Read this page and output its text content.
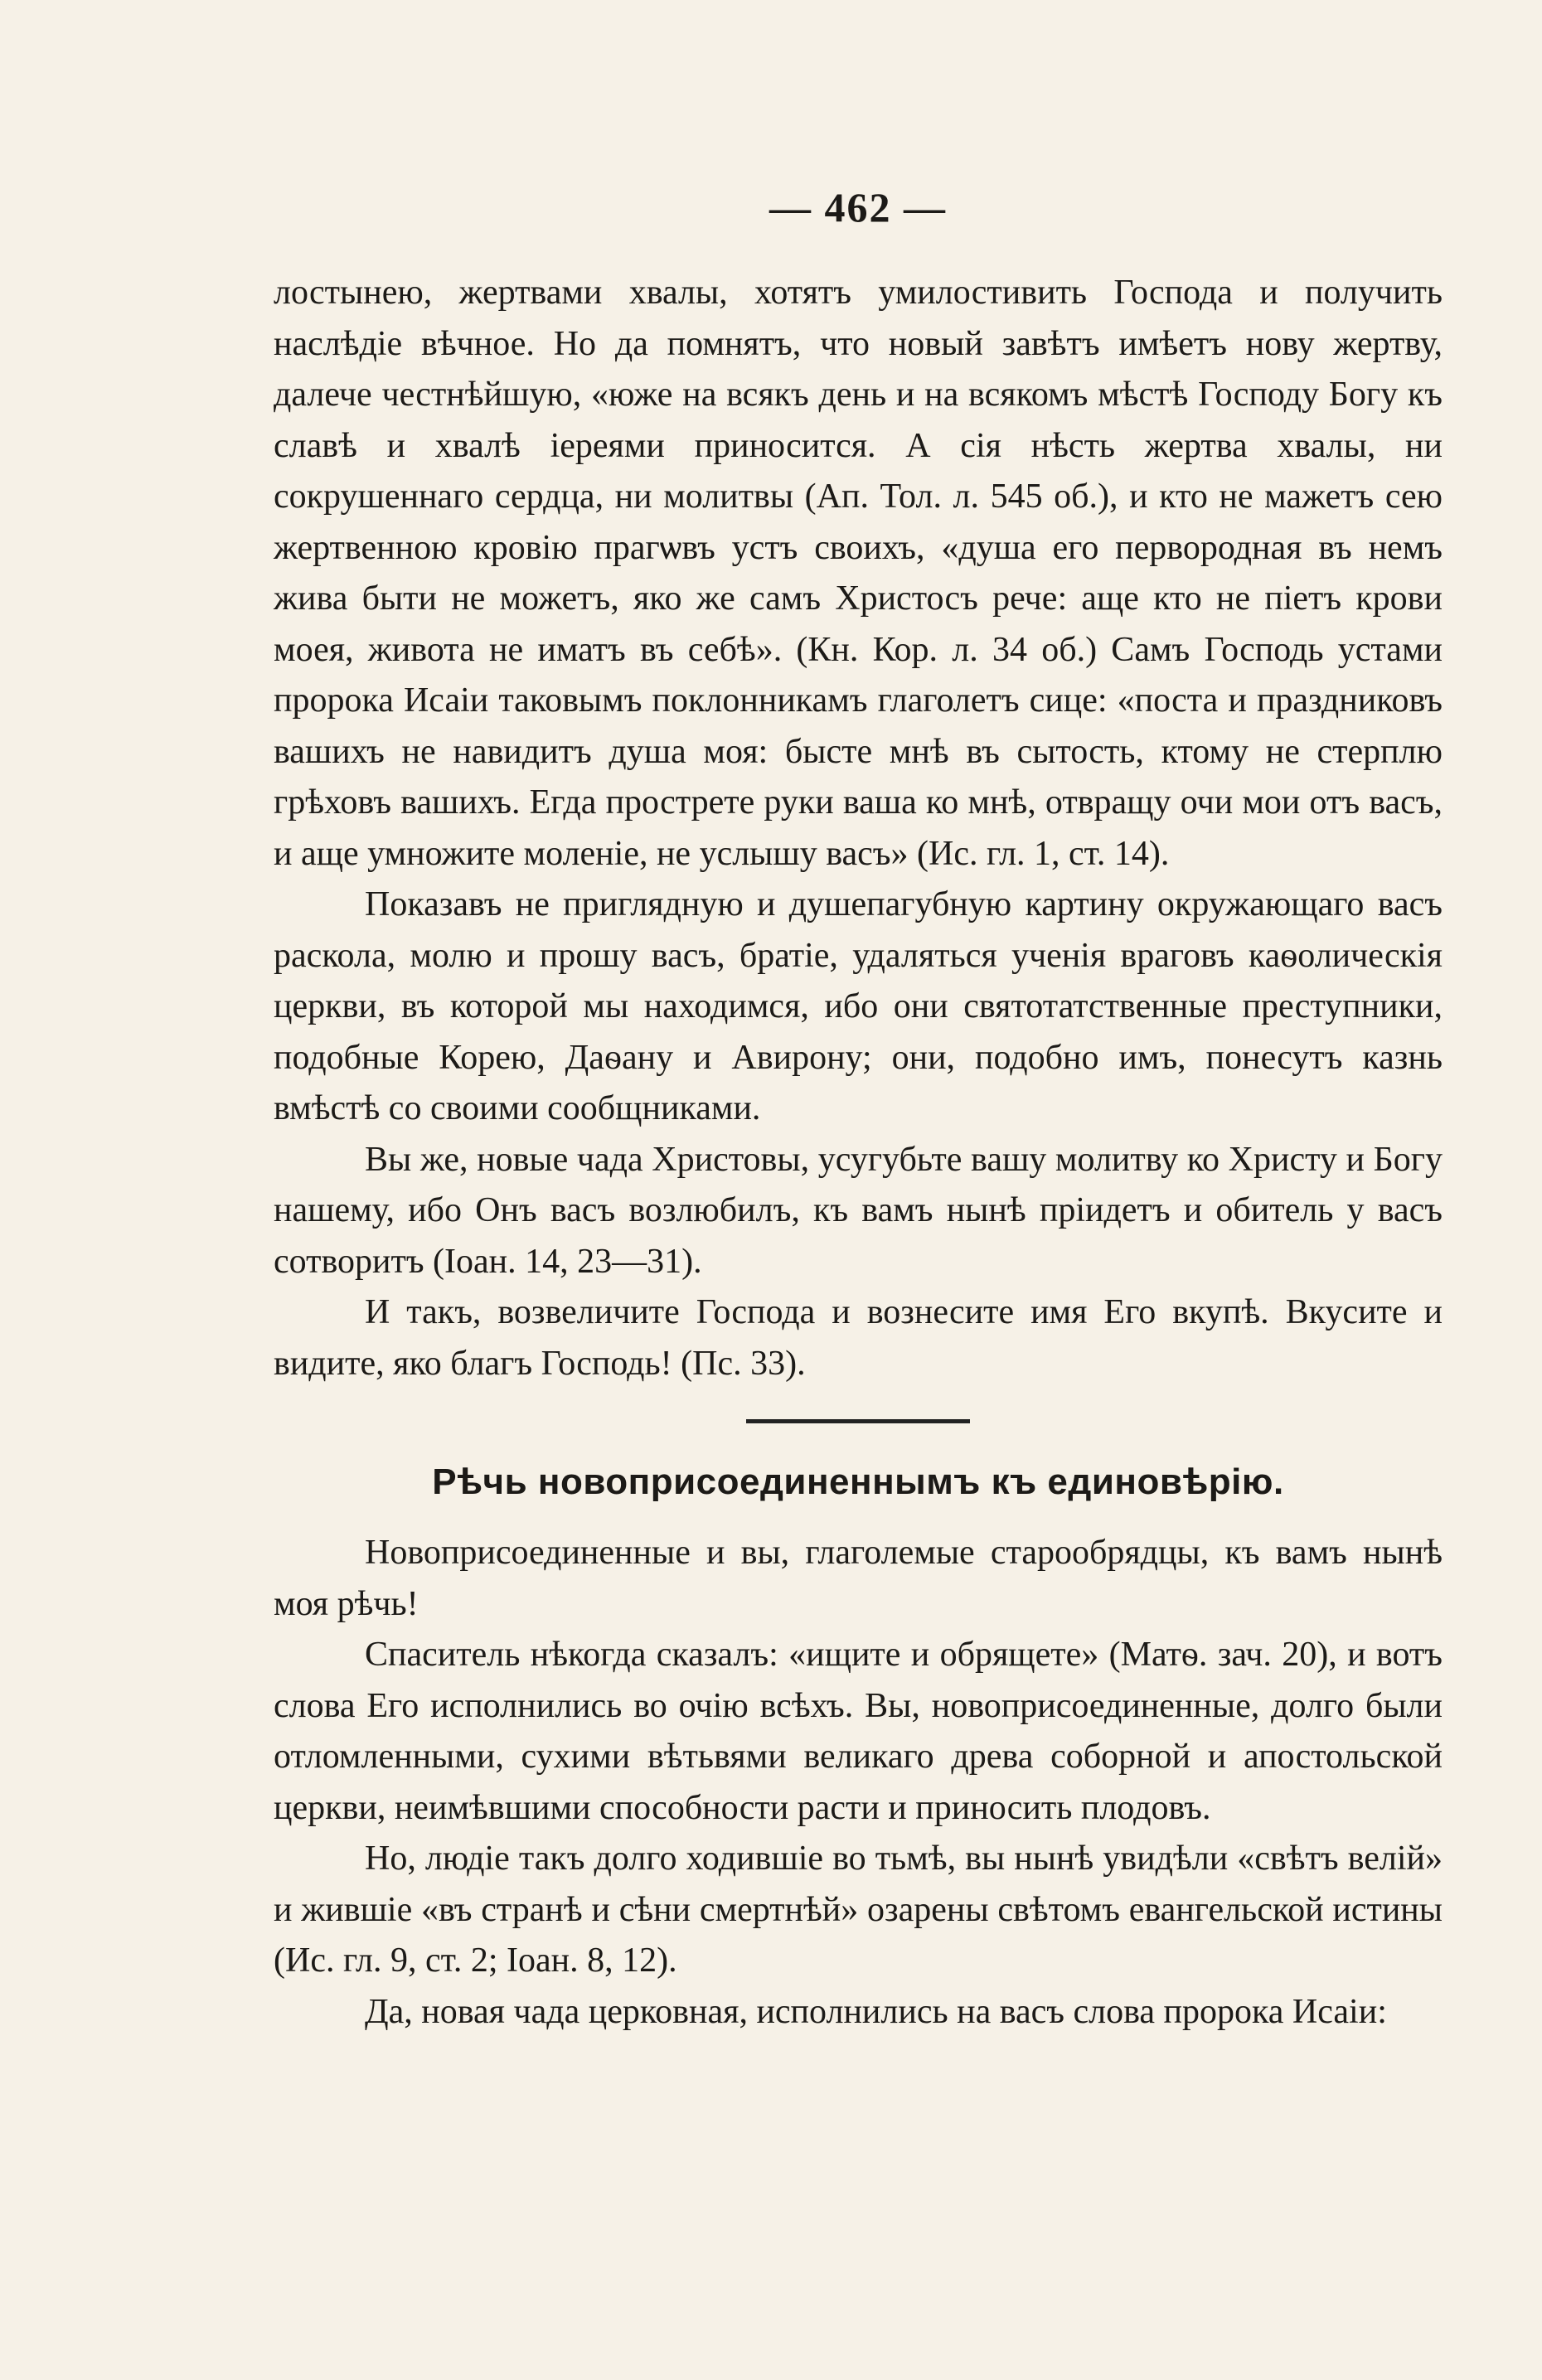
— 462 —

лостынею, жертвами хвалы, хотятъ умилостивить Господа и получить наслѣдіе вѣчное. Но да помнятъ, что новый завѣтъ имѣетъ нову жертву, далече честнѣйшую, «юже на всякъ день и на всякомъ мѣстѣ Господу Богу къ славѣ и хвалѣ іереями приносится. А сія нѣсть жертва хвалы, ни сокрушеннаго сердца, ни молитвы (Ап. Тол. л. 545 об.), и кто не мажетъ сею жертвенною кровію прагѡвъ устъ своихъ, «душа его первородная въ немъ жива быти не можетъ, яко же самъ Христосъ рече: аще кто не піетъ крови моея, живота не иматъ въ себѣ». (Кн. Кор. л. 34 об.) Самъ Господь устами пророка Исаіи таковымъ поклонникамъ глаголетъ сице: «поста и праздниковъ вашихъ не навидитъ душа моя: бысте мнѣ въ сытость, ктому не стерплю грѣховъ вашихъ. Егда прострете руки ваша ко мнѣ, отвращу очи мои отъ васъ, и аще умножите моленіе, не услышу васъ» (Ис. гл. 1, ст. 14).

Показавъ не приглядную и душепагубную картину окружающаго васъ раскола, молю и прошу васъ, братіе, удаляться ученія враговъ каѳолическія церкви, въ которой мы находимся, ибо они святотатственные преступники, подобные Корею, Даѳану и Авирону; они, подобно имъ, понесутъ казнь вмѣстѣ со своими сообщниками.

Вы же, новые чада Христовы, усугубьте вашу молитву ко Христу и Богу нашему, ибо Онъ васъ возлюбилъ, къ вамъ нынѣ пріидетъ и обитель у васъ сотворитъ (Іоан. 14, 23—31).

И такъ, возвеличите Господа и вознесите имя Его вкупѣ. Вкусите и видите, яко благъ Господь! (Пс. 33).

Рѣчь новоприсоединеннымъ къ единовѣрію.

Новоприсоединенные и вы, глаголемые старообрядцы, къ вамъ нынѣ моя рѣчь!

Спаситель нѣкогда сказалъ: «ищите и обрящете» (Матѳ. зач. 20), и вотъ слова Его исполнились во очію всѣхъ. Вы, новоприсоединенные, долго были отломленными, сухими вѣтьвями великаго древа соборной и апостольской церкви, неимѣвшими способности расти и приносить плодовъ.

Но, людіе такъ долго ходившіе во тьмѣ, вы нынѣ увидѣли «свѣтъ велій» и жившіе «въ странѣ и сѣни смертнѣй» озарены свѣтомъ евангельской истины (Ис. гл. 9, ст. 2; Іоан. 8, 12).

Да, новая чада церковная, исполнились на васъ слова пророка Исаіи:
